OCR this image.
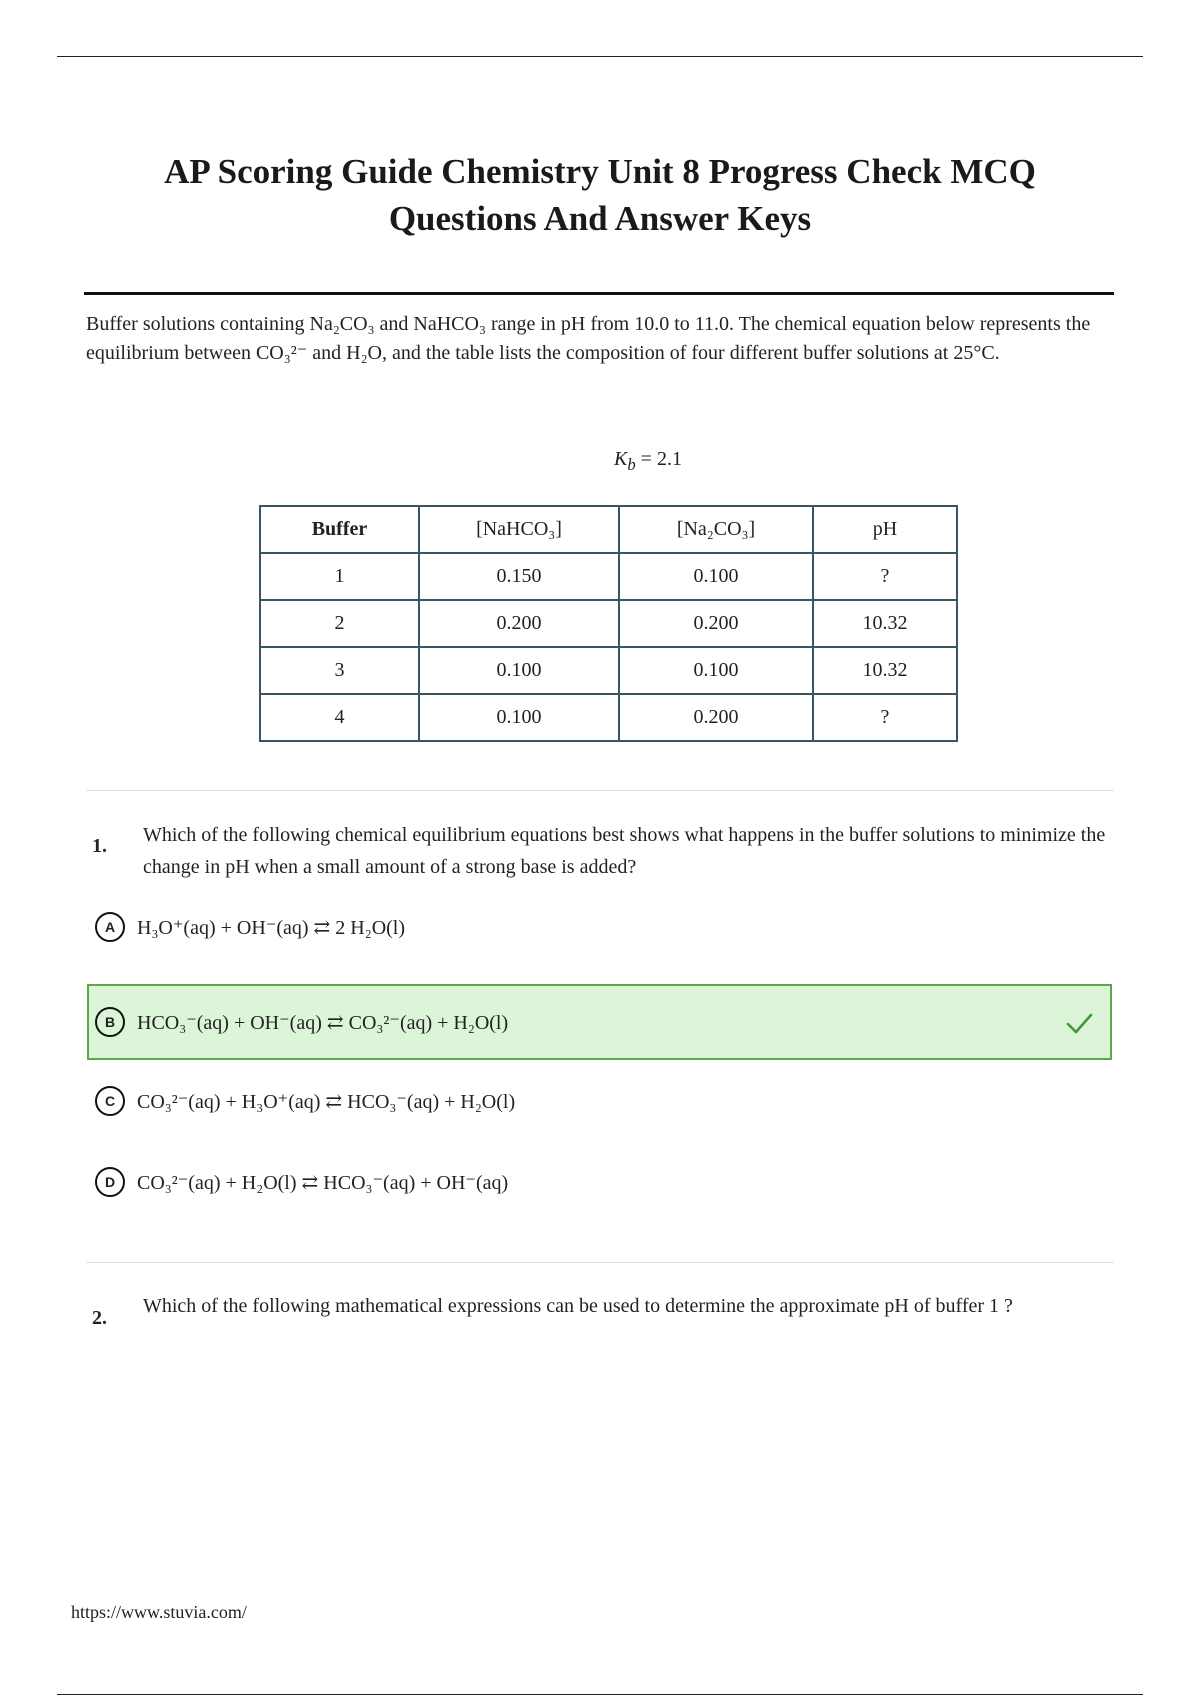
AP Scoring Guide Chemistry Unit 8 Progress Check MCQ
Questions And Answer Keys
Buffer solutions containing Na₂CO₃ and NaHCO₃ range in pH from 10.0 to 11.0. The chemical equation below represents the equilibrium between CO₃²⁻ and H₂O, and the table lists the composition of four different buffer solutions at 25°C.
$K_b = 2.1$
Buffer	[NaHCO₃]	[Na₂CO₃]	pH
1	0.150	0.100	?
2	0.200	0.200	10.32
3	0.100	0.100	10.32
4	0.100	0.200	?
1. Which of the following chemical equilibrium equations best shows what happens in the buffer solutions to minimize the change in pH when a small amount of a strong base is added?
A	H₃O⁺(aq) + OH⁻(aq) ⇄ 2 H₂O(l)
B	HCO₃⁻(aq) + OH⁻(aq) ⇄ CO₃²⁻(aq) + H₂O(l)
C	CO₃²⁻(aq) + H₃O⁺(aq) ⇄ HCO₃⁻(aq) + H₂O(l)
D	CO₃²⁻(aq) + H₂O(l) ⇄ HCO₃⁻(aq) + OH⁻(aq)
2.
Which of the following mathematical expressions can be used to determine the approximate pH of buffer 1 ?
https://www.stuvia.com/
